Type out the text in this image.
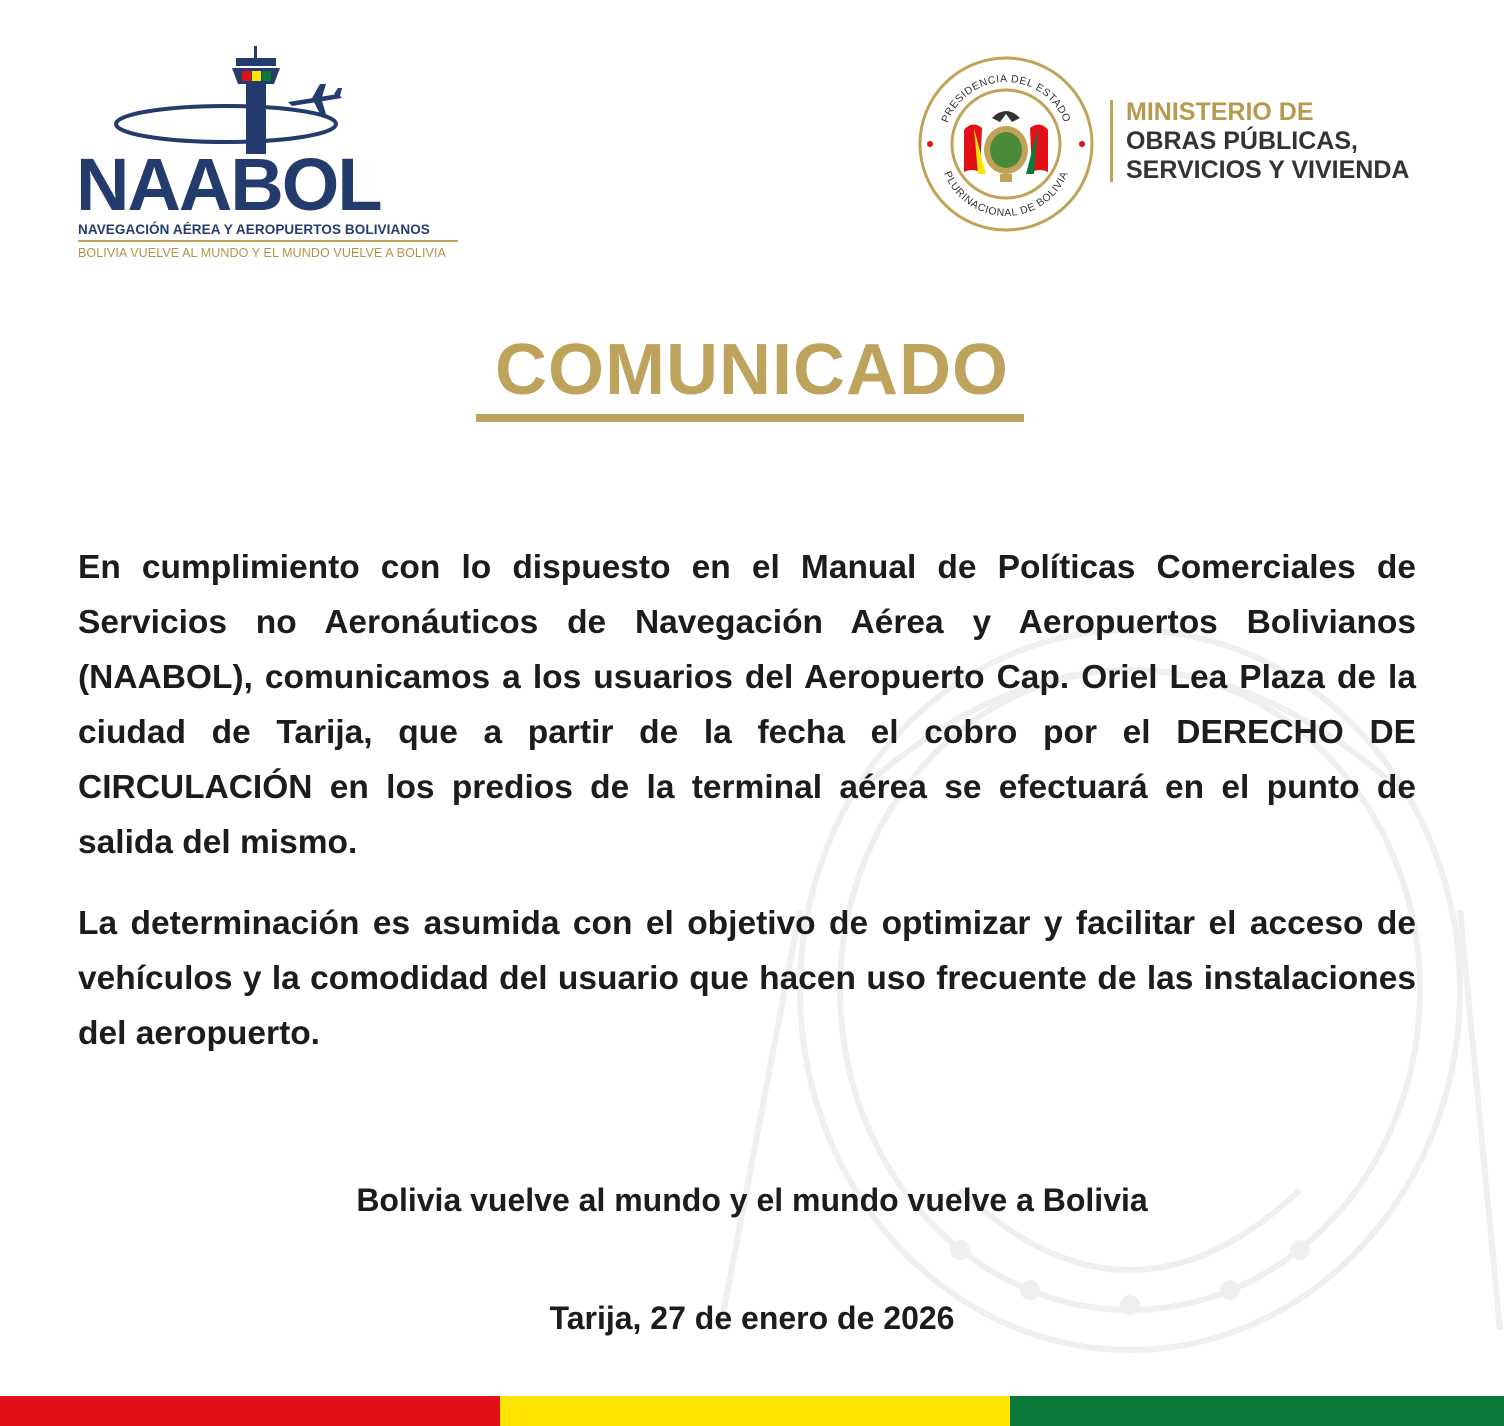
NAABOL
NAVEGACIÓN AÉREA Y AEROPUERTOS BOLIVIANOS
BOLIVIA VUELVE AL MUNDO Y EL MUNDO VUELVE A BOLIVIA
PRESIDENCIA DEL ESTADO
PLURINACIONAL DE BOLIVIA
MINISTERIO DE
OBRAS PÚBLICAS,
SERVICIOS Y VIVIENDA
COMUNICADO

En cumplimiento con lo dispuesto en el Manual de Políticas Comerciales de Servicios no Aeronáuticos de Navegación Aérea y Aeropuertos Bolivianos (NAABOL), comunicamos a los usuarios del Aeropuerto Cap. Oriel Lea Plaza de la ciudad de Tarija, que a partir de la fecha el cobro por el DERECHO DE CIRCULACIÓN en los predios de la terminal aérea se efectuará en el punto de salida del mismo.

La determinación es asumida con el objetivo de optimizar y facilitar el acceso de vehículos y la comodidad del usuario que hacen uso frecuente de las instalaciones del aeropuerto.

Bolivia vuelve al mundo y el mundo vuelve a Bolivia
Tarija, 27 de enero de 2026
